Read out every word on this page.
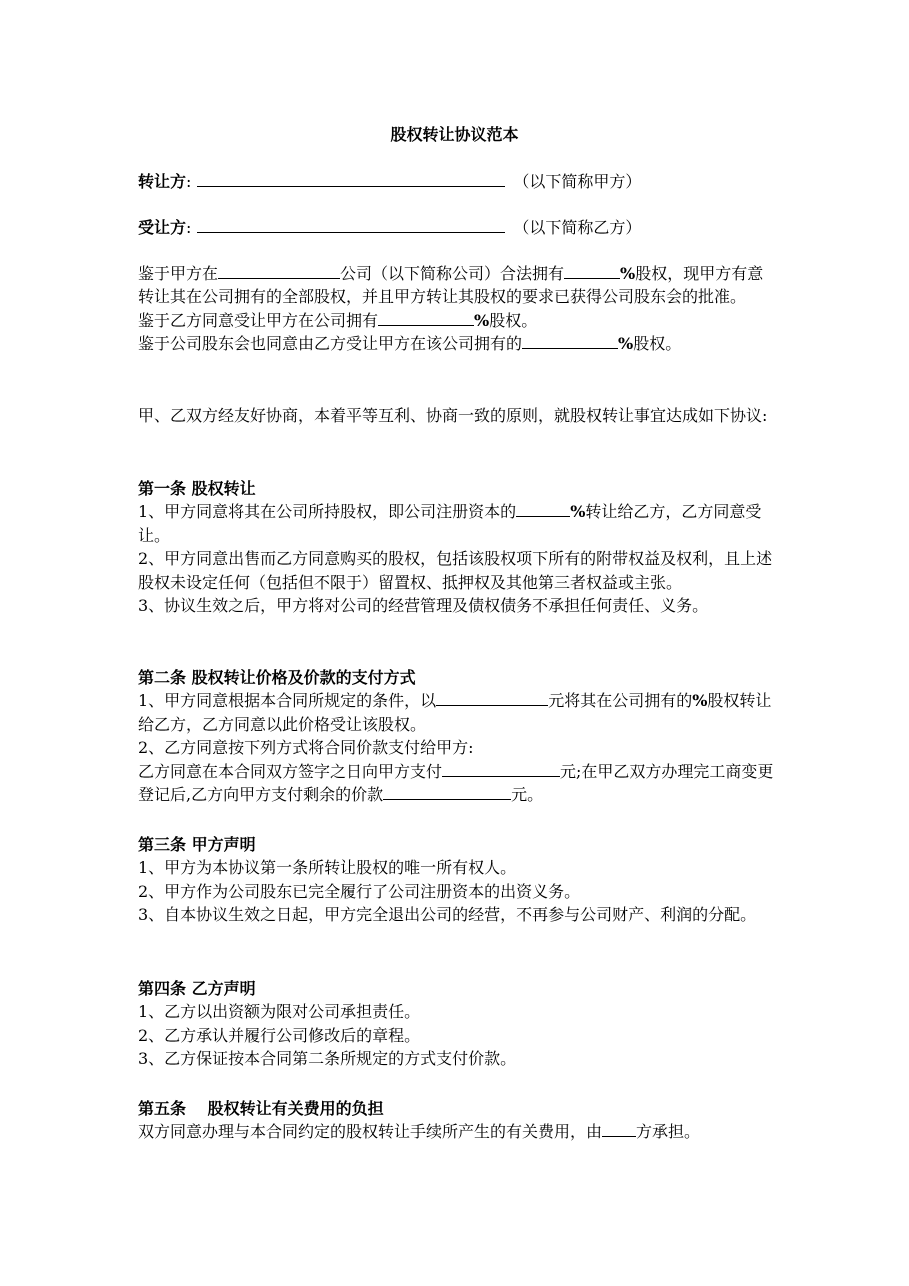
股权转让协议范本
转让方 :	（以下简称甲方）
受让方 :	（以下简称乙方）

鉴于甲方在	公司（以下简称公司）合法拥有	%股权，现甲方有意转让其在公司拥有的全部股权，并且甲方转让其股权的要求已获得公司股东会的批准。

鉴于乙方同意受让甲方在公司拥有	%股权。

鉴于公司股东会也同意由乙方受让甲方在该公司拥有的	%股权。

甲、乙双方经友好协商，本着平等互利、协商一致的原则，就股权转让事宜达成如下协议:

第一条 股权转让

1、甲方同意将其在公司所持股权，即公司注册资本的	%转让给乙方，乙方同意受让。

2、甲方同意出售而乙方同意购买的股权，包括该股权项下所有的附带权益及权利，且上述股权未设定任何（包括但不限于）留置权、抵押权及其他第三者权益或主张。

3、协议生效之后，甲方将对公司的经营管理及债权债务不承担任何责任、义务。

第二条 股权转让价格及价款的支付方式

1、甲方同意根据本合同所规定的条件，以	元将其在公司拥有的%股权转让给乙方，乙方同意以此价格受让该股权。

2、乙方同意按下列方式将合同价款支付给甲方:

乙方同意在本合同双方签字之日向甲方支付	元;在甲乙双方办理完工商变更登记后,乙方向甲方支付剩余的价款	元。

第三条 甲方声明

1、甲方为本协议第一条所转让股权的唯一所有权人。

2、甲方作为公司股东已完全履行了公司注册资本的出资义务。

3、自本协议生效之日起，甲方完全退出公司的经营，不再参与公司财产、利润的分配。

第四条 乙方声明

1、乙方以出资额为限对公司承担责任。

2、乙方承认并履行公司修改后的章程。

3、乙方保证按本合同第二条所规定的方式支付价款。

第五条　 股权转让有关费用的负担

双方同意办理与本合同约定的股权转让手续所产生的有关费用，由 方承担。
